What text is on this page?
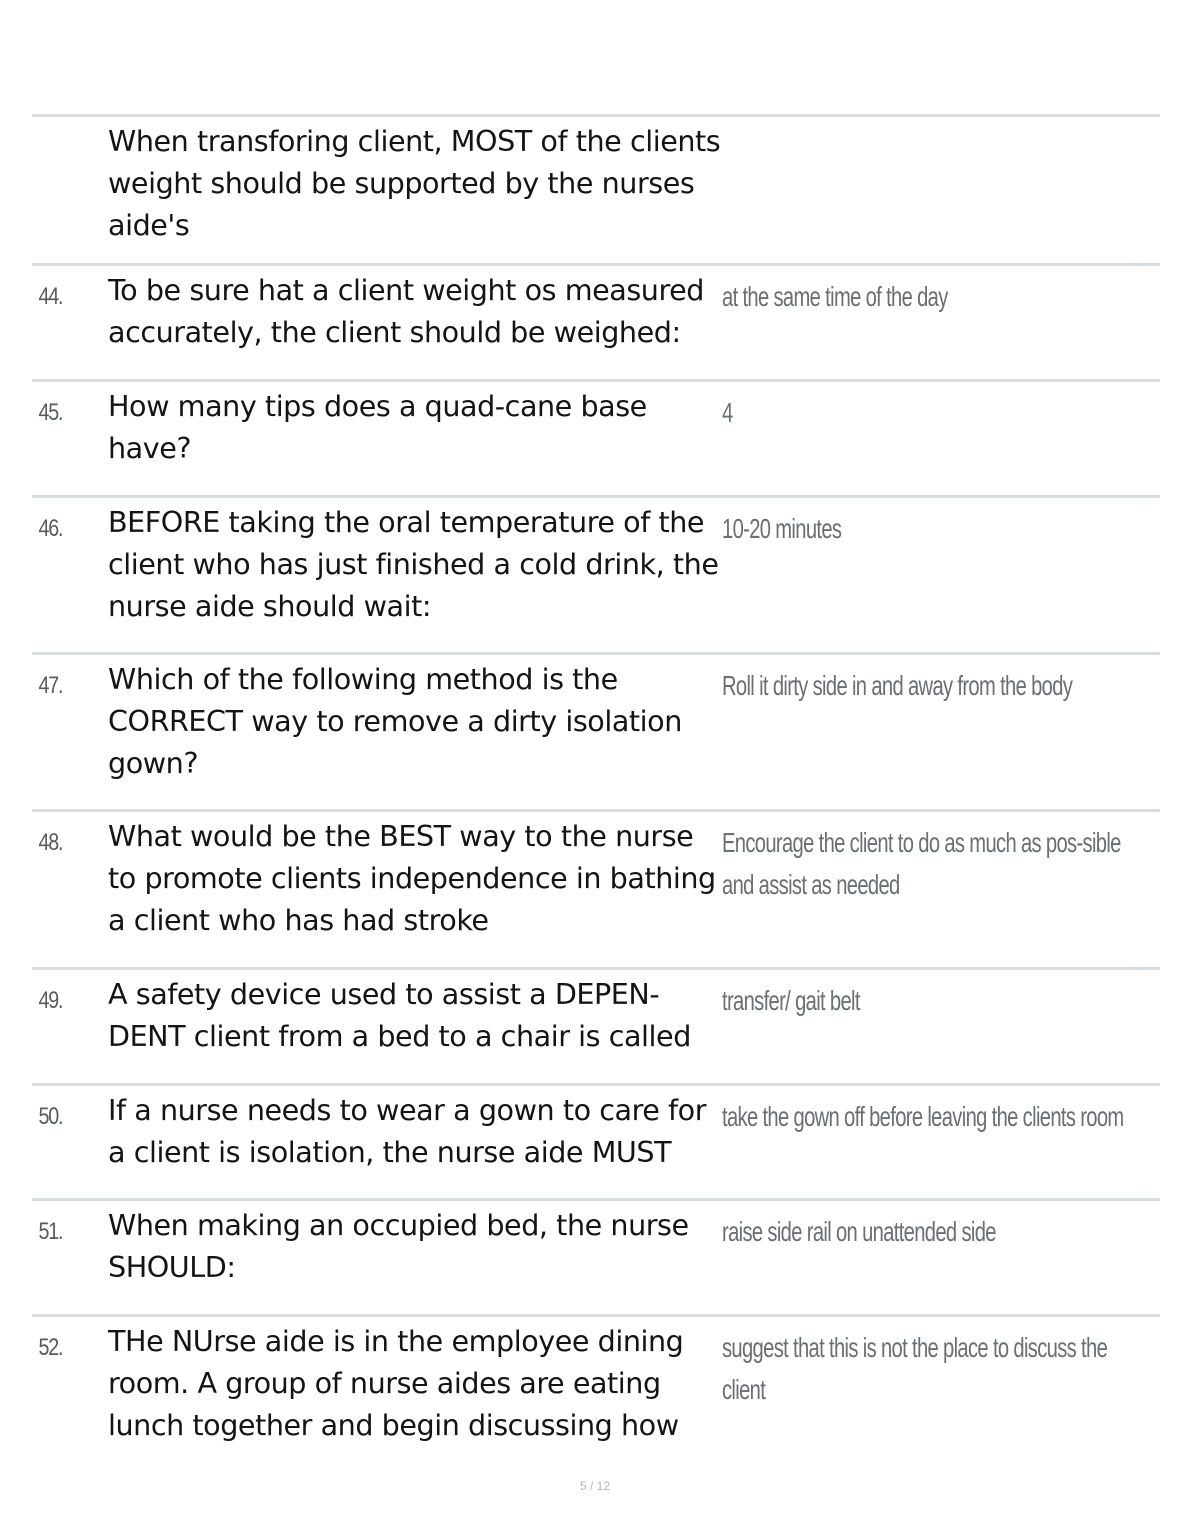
When transforing client, MOST of the clients weight should be supported by the nurses aide's
44.	To be sure hat a client weight os measured accurately, the client should be weighed:
at the same time of the day
45.	How many tips does a quad-cane base have?
4
46.	BEFORE taking the oral temperature of the client who has just finished a cold drink, the nurse aide should wait:
10-20 minutes
47.	Which of the following method is the CORRECT way to remove a dirty isolation gown?
Roll it dirty side in and away from the body
48.	What would be the BEST way to the nurse to promote clients independence in bathing a client who has had stroke
Encourage the client to do as much as pos-sible and assist as needed
49.	A safety device used to assist a DEPEN-DENT client from a bed to a chair is called
transfer/ gait belt
50.	If a nurse needs to wear a gown to care for a client is isolation, the nurse aide MUST
take the gown off before leaving the clients room
51.	When making an occupied bed, the nurse SHOULD:
raise side rail on unattended side
52.	THe NUrse aide is in the employee dining room. A group of nurse aides are eating lunch together and begin discussing how
suggest that this is not the place to discuss the client
5 / 12
